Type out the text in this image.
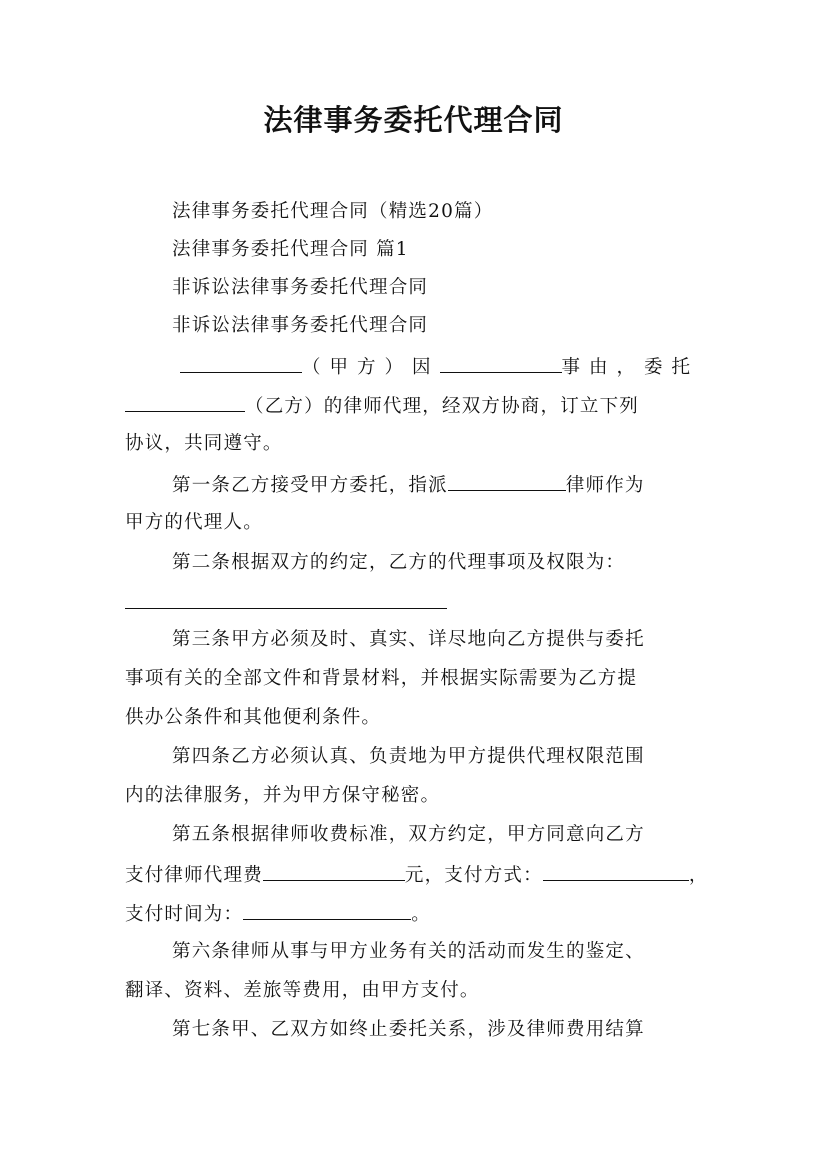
法律事务委托代理合同
法律事务委托代理合同（精选20篇）
法律事务委托代理合同 篇1
非诉讼法律事务委托代理合同
非诉讼法律事务委托代理合同
（甲方）因	事由，委托
（乙方）的律师代理，经双方协商，订立下列
协议，共同遵守。
第一条乙方接受甲方委托，指派	律师作为
甲方的代理人。
第二条根据双方的约定，乙方的代理事项及权限为：
第三条甲方必须及时、真实、详尽地向乙方提供与委托
事项有关的全部文件和背景材料，并根据实际需要为乙方提
供办公条件和其他便利条件。
第四条乙方必须认真、负责地为甲方提供代理权限范围
内的法律服务，并为甲方保守秘密。
第五条根据律师收费标准，双方约定，甲方同意向乙方
支付律师代理费	元，支付方式：	，
支付时间为：	。
第六条律师从事与甲方业务有关的活动而发生的鉴定、
翻译、资料、差旅等费用，由甲方支付。
第七条甲、乙双方如终止委托关系，涉及律师费用结算
